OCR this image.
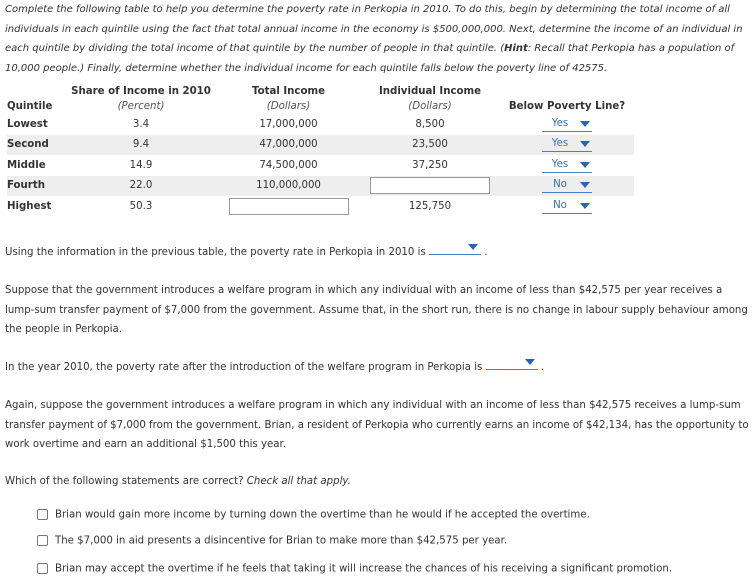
Complete the following table to help you determine the poverty rate in Perkopia in 2010. To do this, begin by determining the total income of all individuals in each quintile using the fact that total annual income in the economy is $500,000,000. Next, determine the income of an individual in each quintile by dividing the total income of that quintile by the number of people in that quintile. (Hint: Recall that Perkopia has a population of 10,000 people.) Finally, determine whether the individual income for each quintile falls below the poverty line of 42575.
	Share of Income in 2010	Total Income	Individual Income	
Quintile	(Percent)	(Dollars)	(Dollars)	Below Poverty Line?
Lowest	3.4	17,000,000	8,500	Yes

Second	9.4	47,000,000	23,500	Yes

Middle	14.9	74,500,000	37,250	Yes

Fourth	22.0	110,000,000		No

Highest	50.3		125,750	No
Using the information in the previous table, the poverty rate in Perkopia in 2010 is	.
Suppose that the government introduces a welfare program in which any individual with an income of less than $42,575 per year receives a lump-sum transfer payment of $7,000 from the government. Assume that, in the short run, there is no change in labour supply behaviour among the people in Perkopia.
In the year 2010, the poverty rate after the introduction of the welfare program in Perkopia is	.
Again, suppose the government introduces a welfare program in which any individual with an income of less than $42,575 receives a lump-sum transfer payment of $7,000 from the government. Brian, a resident of Perkopia who currently earns an income of $42,134, has the opportunity to work overtime and earn an additional $1,500 this year.
Which of the following statements are correct? Check all that apply.
Brian would gain more income by turning down the overtime than he would if he accepted the overtime.
The $7,000 in aid presents a disincentive for Brian to make more than $42,575 per year.
Brian may accept the overtime if he feels that taking it will increase the chances of his receiving a significant promotion.
